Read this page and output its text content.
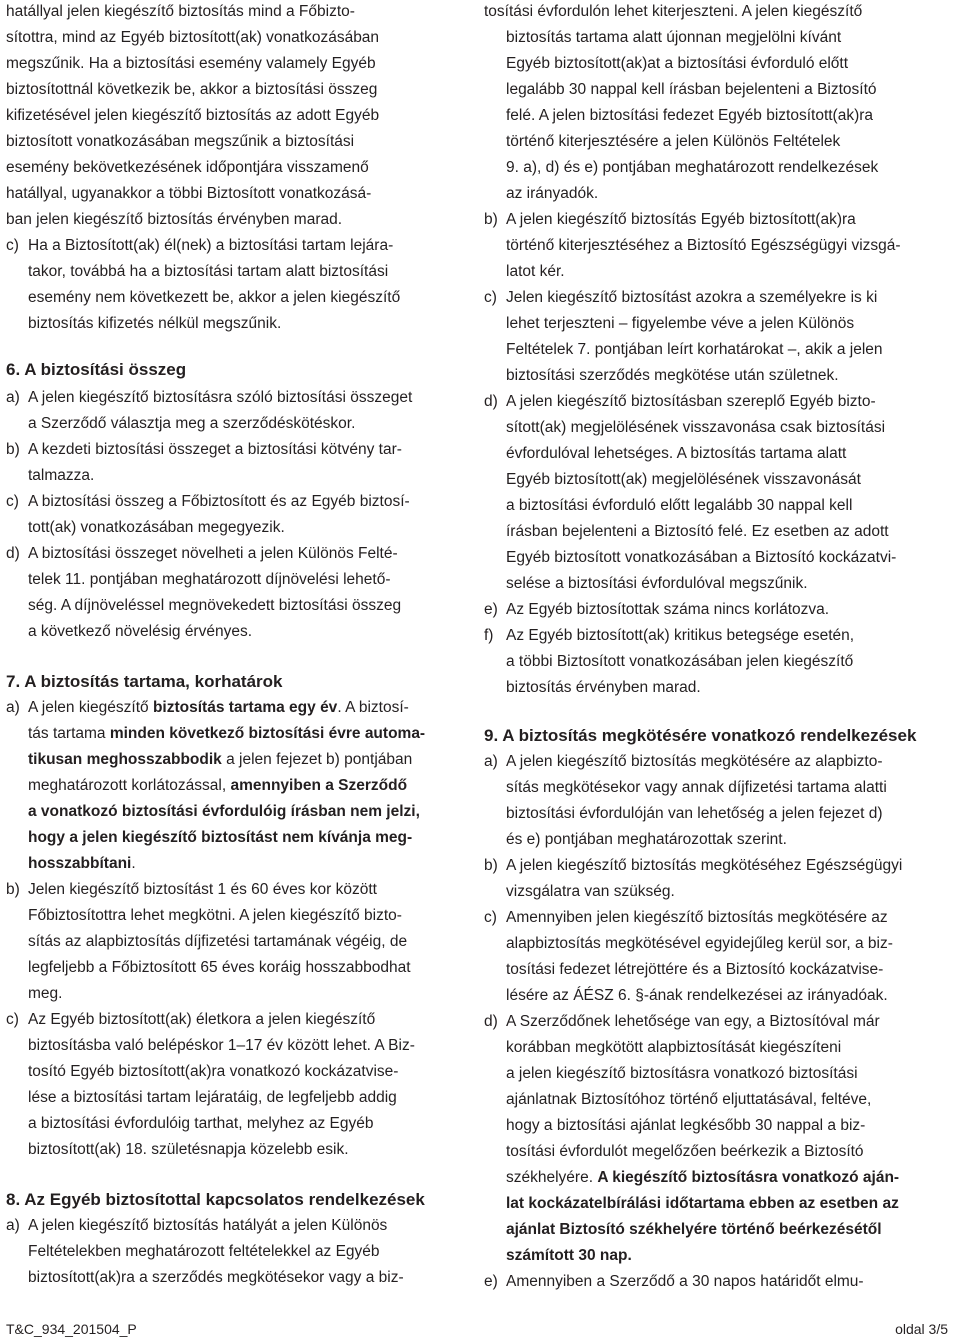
hatállyal jelen kiegészítő biztosítás mind a Főbizto-
sítottra, mind az Egyéb biztosított(ak) vonatkozásában
megszűnik. Ha a biztosítási esemény valamely Egyéb
biztosítottnál következik be, akkor a biztosítási összeg
kifizetésével jelen kiegészítő biztosítás az adott Egyéb
biztosított vonatkozásában megszűnik a biztosítási
esemény bekövetkezésének időpontjára visszamenő
hatállyal, ugyanakkor a többi Biztosított vonatkozásá-
ban jelen kiegészítő biztosítás érvényben marad.
c) Ha a Biztosított(ak) él(nek) a biztosítási tartam lejára-
takor, továbbá ha a biztosítási tartam alatt biztosítási
esemény nem következett be, akkor a jelen kiegészítő
biztosítás kifizetés nélkül megszűnik.
6. A biztosítási összeg
a) A jelen kiegészítő biztosításra szóló biztosítási összeget
a Szerződő választja meg a szerződéskötéskor.
b) A kezdeti biztosítási összeget a biztosítási kötvény tar-
talmazza.
c) A biztosítási összeg a Főbiztosított és az Egyéb biztosí-
tott(ak) vonatkozásában megegyezik.
d) A biztosítási összeget növelheti a jelen Különös Felté-
telek 11. pontjában meghatározott díjnövelési lehető-
ség. A díjnöveléssel megnövekedett biztosítási összeg
a következő növelésig érvényes.
7. A biztosítás tartama, korhatárok
a) A jelen kiegészítő biztosítás tartama egy év. A biztosí-
tás tartama minden következő biztosítási évre automa-
tikusan meghosszabbodik a jelen fejezet b) pontjában
meghatározott korlátozással, amennyiben a Szerződő
a vonatkozó biztosítási évfordulóig írásban nem jelzi,
hogy a jelen kiegészítő biztosítást nem kívánja meg-
hosszabbítani.
b) Jelen kiegészítő biztosítást 1 és 60 éves kor között
Főbiztosítottra lehet megkötni. A jelen kiegészítő bizto-
sítás az alapbiztosítás díjfizetési tartamának végéig, de
legfeljebb a Főbiztosított 65 éves koráig hosszabbodhat
meg.
c) Az Egyéb biztosított(ak) életkora a jelen kiegészítő
biztosításba való belépéskor 1–17 év között lehet. A Biz-
tosító Egyéb biztosított(ak)ra vonatkozó kockázatvise-
lése a biztosítási tartam lejáratáig, de legfeljebb addig
a biztosítási évfordulóig tarthat, melyhez az Egyéb
biztosított(ak) 18. születésnapja közelebb esik.
8. Az Egyéb biztosítottal kapcsolatos rendelkezések
a) A jelen kiegészítő biztosítás hatályát a jelen Különös
Feltételekben meghatározott feltételekkel az Egyéb
biztosított(ak)ra a szerződés megkötésekor vagy a biz-
tosítási évfordulón lehet kiterjeszteni. A jelen kiegészítő
biztosítás tartama alatt újonnan megjelölni kívánt
Egyéb biztosított(ak)at a biztosítási évforduló előtt
legalább 30 nappal kell írásban bejelenteni a Biztosító
felé. A jelen biztosítási fedezet Egyéb biztosított(ak)ra
történő kiterjesztésére a jelen Különös Feltételek
9. a), d) és e) pontjában meghatározott rendelkezések
az irányadók.
b) A jelen kiegészítő biztosítás Egyéb biztosított(ak)ra
történő kiterjesztéséhez a Biztosító Egészségügyi vizsgá-
latot kér.
c) Jelen kiegészítő biztosítást azokra a személyekre is ki
lehet terjeszteni – figyelembe véve a jelen Különös
Feltételek 7. pontjában leírt korhatárokat –, akik a jelen
biztosítási szerződés megkötése után születnek.
d) A jelen kiegészítő biztosításban szereplő Egyéb bizto-
sított(ak) megjelölésének visszavonása csak biztosítási
évfordulóval lehetséges. A biztosítás tartama alatt
Egyéb biztosított(ak) megjelölésének visszavonását
a biztosítási évforduló előtt legalább 30 nappal kell
írásban bejelenteni a Biztosító felé. Ez esetben az adott
Egyéb biztosított vonatkozásában a Biztosító kockázatvi-
selése a biztosítási évfordulóval megszűnik.
e) Az Egyéb biztosítottak száma nincs korlátozva.
f) Az Egyéb biztosított(ak) kritikus betegsége esetén,
a többi Biztosított vonatkozásában jelen kiegészítő
biztosítás érvényben marad.
9. A biztosítás megkötésére vonatkozó rendelkezések
a) A jelen kiegészítő biztosítás megkötésére az alapbizto-
sítás megkötésekor vagy annak díjfizetési tartama alatti
biztosítási évfordulóján van lehetőség a jelen fejezet d)
és e) pontjában meghatározottak szerint.
b) A jelen kiegészítő biztosítás megkötéséhez Egészségügyi
vizsgálatra van szükség.
c) Amennyiben jelen kiegészítő biztosítás megkötésére az
alapbiztosítás megkötésével egyidejűleg kerül sor, a biz-
tosítási fedezet létrejöttére és a Biztosító kockázatvise-
lésére az ÁÉSZ 6. §-ának rendelkezései az irányadóak.
d) A Szerződőnek lehetősége van egy, a Biztosítóval már
korábban megkötött alapbiztosítását kiegészíteni
a jelen kiegészítő biztosításra vonatkozó biztosítási
ajánlatnak Biztosítóhoz történő eljuttatásával, feltéve,
hogy a biztosítási ajánlat legkésőbb 30 nappal a biz-
tosítási évfordulót megelőzően beérkezik a Biztosító
székhelyére. A kiegészítő biztosításra vonatkozó aján-
lat kockázatelbírálási időtartama ebben az esetben az
ajánlat Biztosító székhelyére történő beérkezésétől
számított 30 nap.
e) Amennyiben a Szerződő a 30 napos határidőt elmu-
T&C_934_201504_P	oldal 3/5
